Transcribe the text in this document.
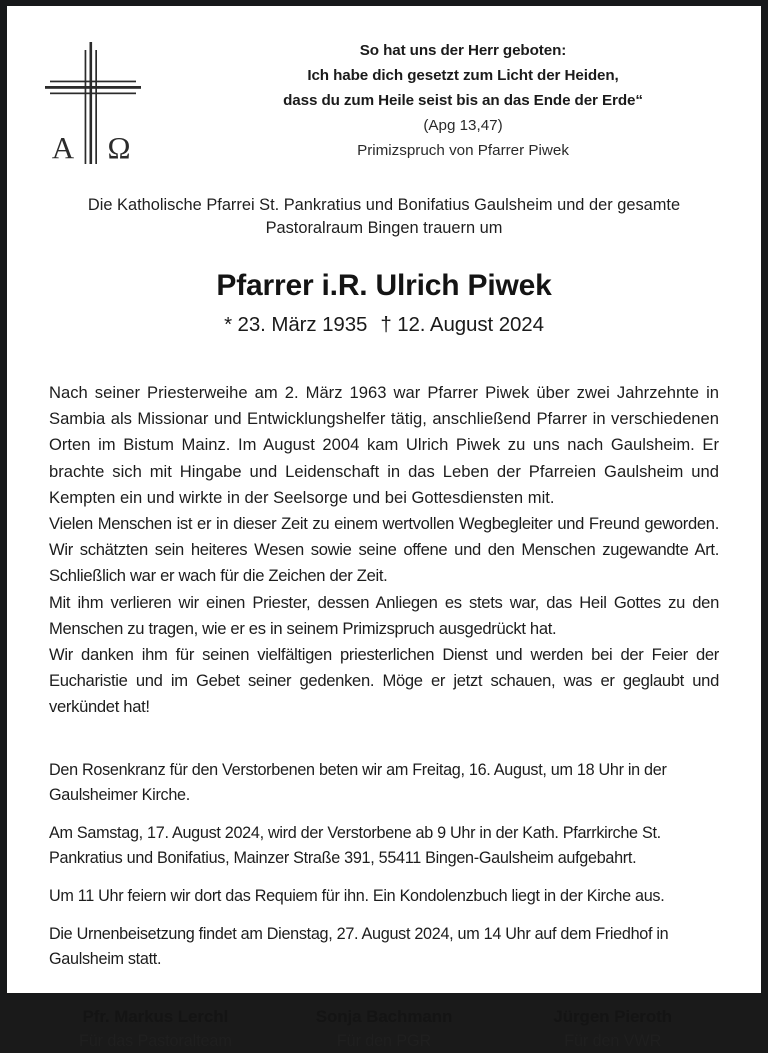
Α Ω
So hat uns der Herr geboten:
Ich habe dich gesetzt zum Licht der Heiden,
dass du zum Heile seist bis an das Ende der Erde“
(Apg 13,47)
Primizspruch von Pfarrer Piwek
Die Katholische Pfarrei St. Pankratius und Bonifatius Gaulsheim und der gesamte
Pastoralraum Bingen trauern um
Pfarrer i.R. Ulrich Piwek
* 23. März 1935 † 12. August 2024

Nach seiner Priesterweihe am 2. März 1963 war Pfarrer Piwek über zwei Jahrzehnte in Sambia als Missionar und Entwicklungshelfer tätig, anschließend Pfarrer in verschiedenen Orten im Bistum Mainz. Im August 2004 kam Ulrich Piwek zu uns nach Gaulsheim. Er brachte sich mit Hingabe und Leidenschaft in das Leben der Pfarreien Gaulsheim und Kempten ein und wirkte in der Seelsorge und bei Gottesdiensten mit.

Vielen Menschen ist er in dieser Zeit zu einem wertvollen Wegbegleiter und Freund geworden. Wir schätzten sein heiteres Wesen sowie seine offene und den Menschen zugewandte Art. Schließlich war er wach für die Zeichen der Zeit.

Mit ihm verlieren wir einen Priester, dessen Anliegen es stets war, das Heil Gottes zu den Menschen zu tragen, wie er es in seinem Primizspruch ausgedrückt hat.

Wir danken ihm für seinen vielfältigen priesterlichen Dienst und werden bei der Feier der Eucharistie und im Gebet seiner gedenken. Möge er jetzt schauen, was er geglaubt und verkündet hat!

Den Rosenkranz für den Verstorbenen beten wir am Freitag, 16. August, um 18 Uhr in der Gaulsheimer Kirche.

Am Samstag, 17. August 2024, wird der Verstorbene ab 9 Uhr in der Kath. Pfarrkirche St. Pankratius und Bonifatius, Mainzer Straße 391, 55411 Bingen-Gaulsheim aufgebahrt.

Um 11 Uhr feiern wir dort das Requiem für ihn. Ein Kondolenzbuch liegt in der Kirche aus.

Die Urnenbeisetzung findet am Dienstag, 27. August 2024, um 14 Uhr auf dem Friedhof in Gaulsheim statt.

Pfr. Markus Lerchl
Für das Pastoralteam
Sonja Bachmann
Für den PGR
Jürgen Pieroth
Für den VWR
